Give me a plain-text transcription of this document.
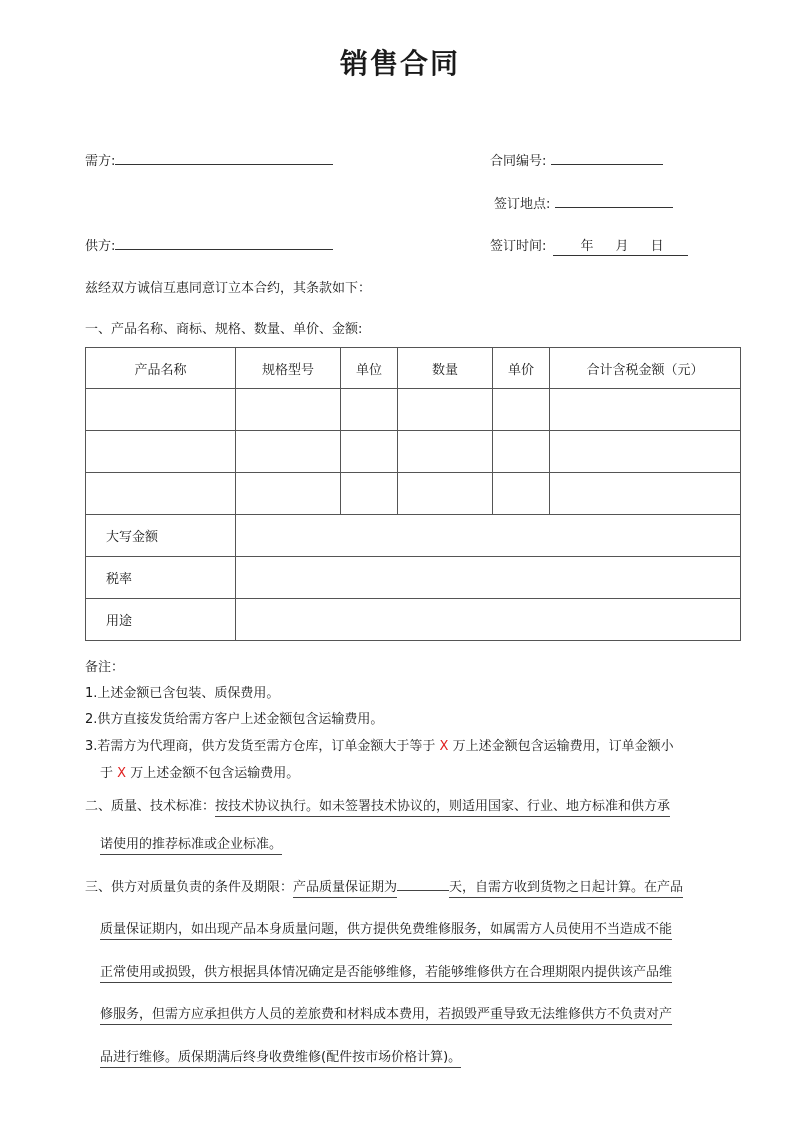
销售合同
需方:	合同编号:
签订地点:
供方:	签订时间:	年 月 日
兹经双方诚信互惠同意订立本合约，其条款如下：
一、产品名称、商标、规格、数量、单价、金额:
产品名称	规格型号	单位	数量	单价	合计含税金额（元）

大写金额					
税率					
用途					
备注：
1.上述金额已含包装、质保费用。
2.供方直接发货给需方客户上述金额包含运输费用。
3.若需方为代理商，供方发货至需方仓库，订单金额大于等于 X 万上述金额包含运输费用，订单金额小
于 X 万上述金额不包含运输费用。
二、质量、技术标准：按技术协议执行。如未签署技术协议的，则适用国家、行业、地方标准和供方承
诺使用的推荐标准或企业标准。
三、供方对质量负责的条件及期限：产品质量保证期为	天，自需方收到货物之日起计算。在产品
质量保证期内，如出现产品本身质量问题，供方提供免费维修服务，如属需方人员使用不当造成不能
正常使用或损毁，供方根据具体情况确定是否能够维修，若能够维修供方在合理期限内提供该产品维
修服务，但需方应承担供方人员的差旅费和材料成本费用，若损毁严重导致无法维修供方不负责对产
品进行维修。质保期满后终身收费维修(配件按市场价格计算)。
